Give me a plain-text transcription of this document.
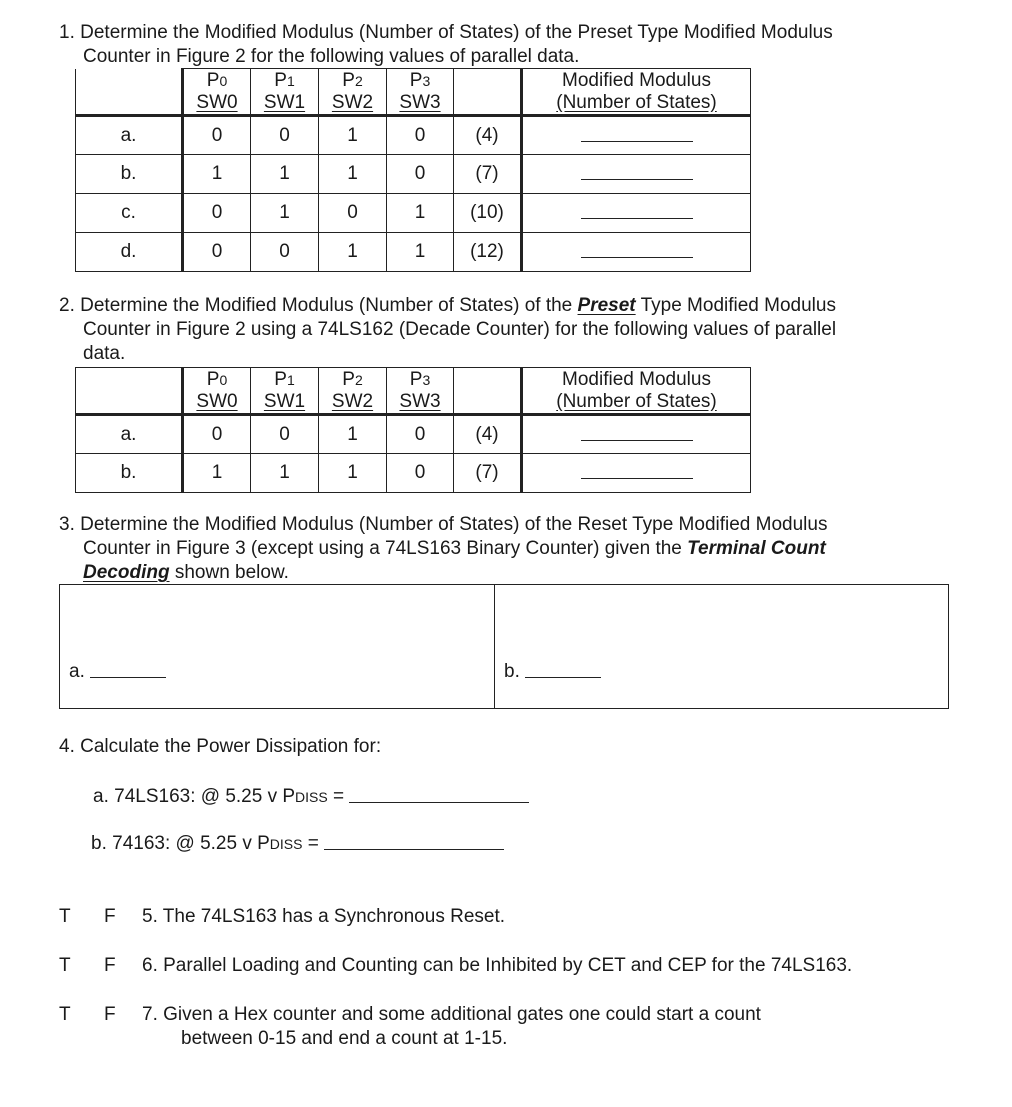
1. Determine the Modified Modulus (Number of States) of the Preset Type Modified Modulus
Counter in Figure 2 for the following values of parallel data.
	P0
SW0	P1
SW1	P2
SW2	P3
SW3		Modified Modulus
(Number of States)
a.	0	0	1	0	(4)	
b.	1	1	1	0	(7)	
c.	0	1	0	1	(10)	
d.	0	0	1	1	(12)	
2. Determine the Modified Modulus (Number of States) of the Preset Type Modified Modulus
Counter in Figure 2 using a 74LS162 (Decade Counter) for the following values of parallel
data.
	P0
SW0	P1
SW1	P2
SW2	P3
SW3		Modified Modulus
(Number of States)
a.	0	0	1	0	(4)	
b.	1	1	1	0	(7)	
3. Determine the Modified Modulus (Number of States) of the Reset Type Modified Modulus
Counter in Figure 3 (except using a 74LS163 Binary Counter) given the Terminal Count
Decoding shown below.
a.	b.
4. Calculate the Power Dissipation for:
a. 74LS163: @ 5.25 v PDISS =
b. 74163: @ 5.25 v PDISS =
T F 5. The 74LS163 has a Synchronous Reset.
T F 6. Parallel Loading and Counting can be Inhibited by CET and CEP for the 74LS163.
T F 7. Given a Hex counter and some additional gates one could start a count
between 0-15 and end a count at 1-15.
